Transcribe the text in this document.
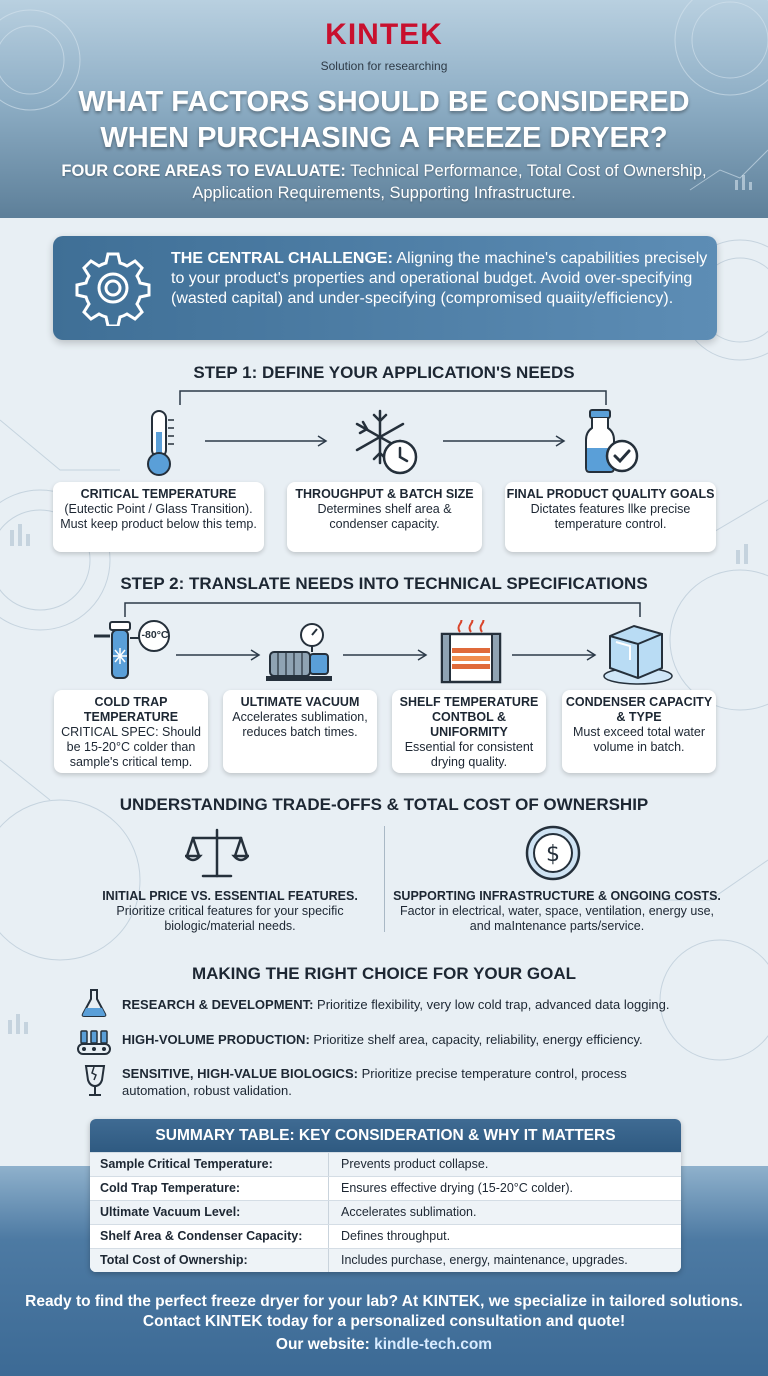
KINTEK
Solution for researching
WHAT FACTORS SHOULD BE CONSIDERED
WHEN PURCHASING A FREEZE DRYER?
FOUR CORE AREAS TO EVALUATE: Technical Performance, Total Cost of Ownership, Application Requirements, Supporting Infrastructure.
THE CENTRAL CHALLENGE: Aligning the machine's capabilities precisely to your product's properties and operational budget. Avoid over-specifying (wasted capital) and under-specifying (compromised quaiity/efficiency).
STEP 1: DEFINE YOUR APPLICATION'S NEEDS
CRITICAL TEMPERATURE
(Eutectic Point / Glass Transition). Must keep product below this temp.
THROUGHPUT & BATCH SIZE
Determines shelf area & condenser capacity.
FINAL PRODUCT QUALITY GOALS
Dictates features llke precise temperature control.
STEP 2: TRANSLATE NEEDS INTO TECHNICAL SPECIFICATIONS
-80°C
COLD TRAP TEMPERATURE
CRITICAL SPEC: Should be 15-20°C colder than sample's critical temp.
ULTIMATE VACUUM
Accelerates sublimation, reduces batch times.
SHELF TEMPERATURE CONTBOL & UNIFORMITY
Essential for consistent drying quality.
CONDENSER CAPACITY & TYPE
Must exceed total water volume in batch.
UNDERSTANDING TRADE-OFFS & TOTAL COST OF OWNERSHIP
$
INITIAL PRICE VS. ESSENTIAL FEATURES.
Prioritize critical features for your specific biologic/material needs.
SUPPORTING INFRASTRUCTURE & ONGOING COSTS.
Factor in electrical, water, space, ventilation, energy use, and maIntenance parts/service.
MAKING THE RIGHT CHOICE FOR YOUR GOAL
RESEARCH & DEVELOPMENT: Prioritize flexibility, very low cold trap, advanced data logging.
HIGH-VOLUME PRODUCTION: Prioritize shelf area, capacity, reliability, energy efficiency.
SENSITIVE, HIGH-VALUE BIOLOGICS: Prioritize precise temperature control, process automation, robust validation.
SUMMARY TABLE: KEY CONSIDERATION & WHY IT MATTERS
Sample Critical Temperature:	Prevents product collapse.
Cold Trap Temperature:	Ensures effective drying (15-20°C colder).
Ultimate Vacuum Level:	Accelerates sublimation.
Shelf Area & Condenser Capacity:	Defines throughput.
Total Cost of Ownership:	Includes purchase, energy, maintenance, upgrades.
Ready to find the perfect freeze dryer for your lab? At KINTEK, we specialize in tailored solutions. Contact KINTEK today for a personalized consultation and quote!
Our website: kindle-tech.com
